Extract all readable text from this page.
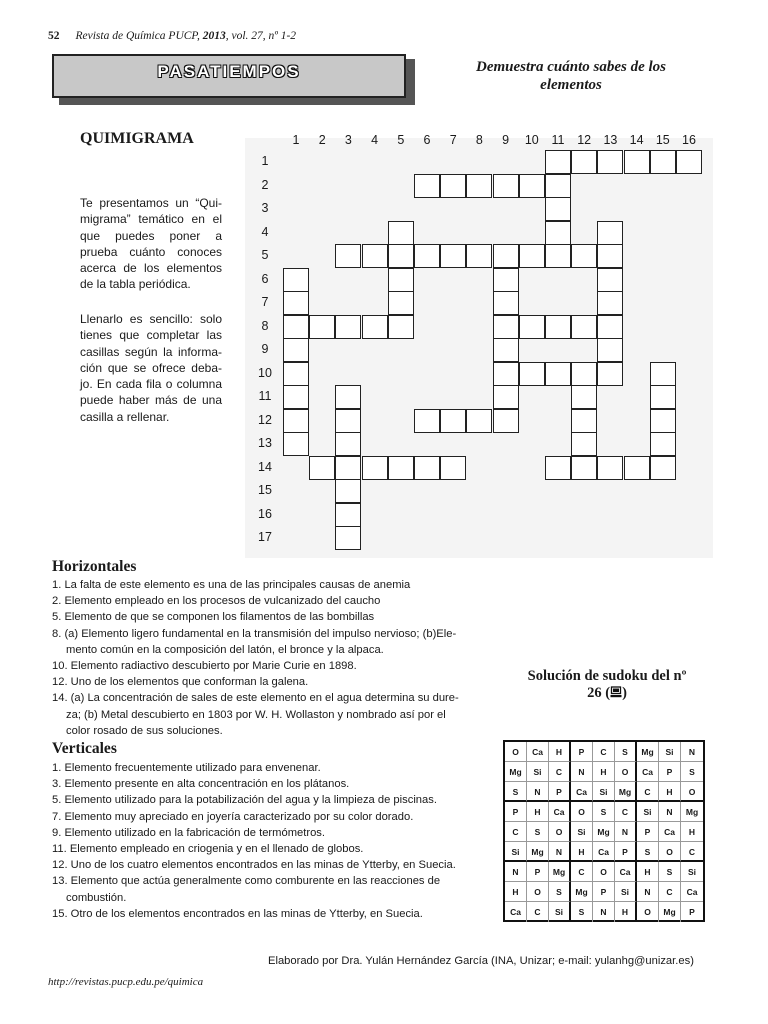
52 Revista de Química PUCP, 2013, vol. 27, nº 1-2
PASATIEMPOS	Demuestra cuánto sabes de los elementos
QUIMIGRAMA
Te presentamos un “Qui-migrama” temático en el que puedes poner a prueba cuánto conoces acerca de los elementos de la tabla periódica.
Llenarlo es sencillo: solo tienes que completar las casillas según la informa-ción que se ofrece deba-jo. En cada fila o columna puede haber más de una casilla a rellenar.
1	2	3	4	5	6	7	8	9	10	11	12 13 14 15 16
1
2
3
4
5
6
7
8
9
10
11
12
13
14
15
16
17
Horizontales
1. La falta de este elemento es una de las principales causas de anemia
2. Elemento empleado en los procesos de vulcanizado del caucho
5. Elemento de que se componen los filamentos de las bombillas
8. (a) Elemento ligero fundamental en la transmisión del impulso nervioso; (b)Ele-
mento común en la composición del latón, el bronce y la alpaca.
10. Elemento radiactivo descubierto por Marie Curie en 1898.
12. Uno de los elementos que conforman la galena.
14. (a) La concentración de sales de este elemento en el agua determina su dure-
za; (b) Metal descubierto en 1803 por W. H. Wollaston y nombrado así por el
color rosado de sus soluciones.
Verticales
1. Elemento frecuentemente utilizado para envenenar.
3. Elemento presente en alta concentración en los plátanos.
5. Elemento utilizado para la potabilización del agua y la limpieza de piscinas.
7. Elemento muy apreciado en joyería caracterizado por su color dorado.
9. Elemento utilizado en la fabricación de termómetros.
11. Elemento empleado en criogenia y en el llenado de globos.
12. Uno de los cuatro elementos encontrados en las minas de Ytterby, en Suecia.
13. Elemento que actúa generalmente como comburente en las reacciones de
combustión.
15. Otro de los elementos encontrados en las minas de Ytterby, en Suecia.
Solución de sudoku del nº
26 ( )
O	Ca	H	P	C	S	Mg	Si	N
Mg	Si	C	N	H	O	Ca	P	S
S	N	P	Ca	Si	Mg	C	H	O
P	H	Ca	O	S	C	Si	N	Mg
C	S	O	Si	Mg	N	P	Ca	H
Si	Mg	N	H	Ca	P	S	O	C
N	P	Mg	C	O	Ca	H	S	Si
H	O	S	Mg	P	Si	N	C	Ca
Ca	C	Si	S	N	H	O	Mg	P
Elaborado por Dra. Yulán Hernández García (INA, Unizar; e-mail: yulanhg@unizar.es)
http://revistas.pucp.edu.pe/quimica
